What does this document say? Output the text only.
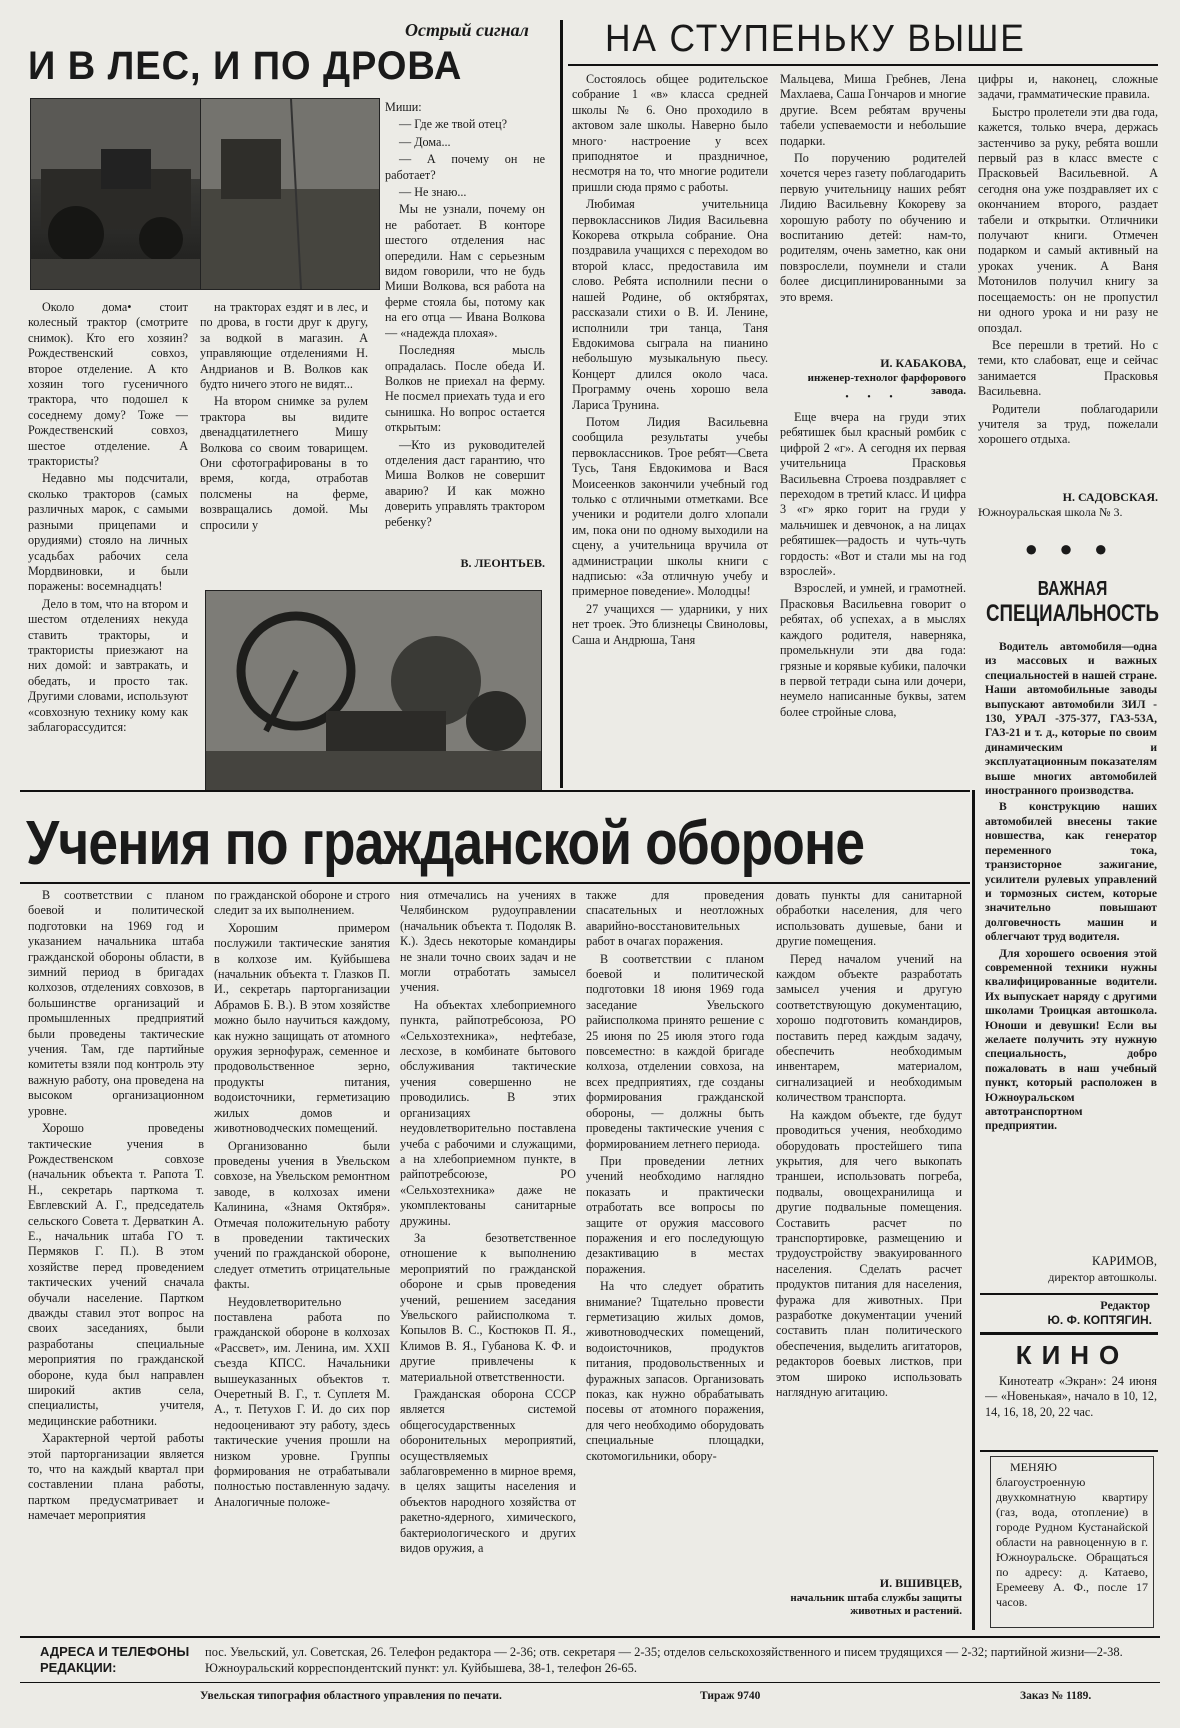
Острый сигнал
И В ЛЕС, И ПО ДРОВА

Около дома• стоит колесный трактор (смотрите снимок). Кто его хозяин? Рождественский совхоз, второе отделение. А кто хозяин того гусеничного трактора, что подошел к соседнему дому? Тоже — Рождественский совхоз, шестое отделение. А трактористы?

Недавно мы подсчитали, сколько тракторов (самых различных марок, с самыми разными прицепами и орудиями) стояло на личных усадьбах рабочих села Мордвиновки, и были поражены: восемнадцать!

Дело в том, что на втором и шестом отделениях некуда ставить тракторы, и трактористы приезжают на них домой: и завтракать, и обедать, и просто так. Другими словами, используют «совхозную технику кому как заблагорассудится:

на тракторах ездят и в лес, и по дрова, в гости друг к другу, за водкой в магазин. А управляющие отделениями Н. Андрианов и В. Волков как будто ничего этого не видят...

На втором снимке за рулем трактора вы видите двенадцатилетнего Мишу Волкова со своим товарищем. Они сфотографированы в то время, когда, отработав полсмены на ферме, возвращались домой. Мы спросили у

Миши:

— Где же твой отец?

— Дома...

— А почему он не работает?

— Не знаю...

Мы не узнали, почему он не работает. В конторе шестого отделения нас опередили. Нам с серьезным видом говорили, что не будь Миши Волкова, вся работа на ферме стояла бы, потому как на его отца — Ивана Волкова — «надежда плохая».

Последняя мысль опрадалась. После обеда И. Волков не приехал на ферму. Не посмел приехать туда и его сынишка. Но вопрос остается открытым:

—Кто из руководителей отделения даст гарантию, что Миша Волков не совершит аварию? И как можно доверить управлять трактором ребенку?

В. ЛЕОНТЬЕВ.
НА СТУПЕНЬКУ ВЫШЕ

Состоялось общее родительское собрание 1 «в» класса средней школы № 6. Оно проходило в актовом зале школы. Наверно было много· настроение у всех приподнятое и праздничное, несмотря на то, что многие родители пришли сюда прямо с работы.

Любимая учительница первоклассников Лидия Васильевна Кокорева открыла собрание. Она поздравила учащихся с переходом во второй класс, предоставила им слово. Ребята исполнили песни о нашей Родине, об октябрятах, рассказали стихи о В. И. Ленине, исполнили три танца, Таня Евдокимова сыграла на пианино небольшую музыкальную пьесу. Концерт длился около часа. Программу очень хорошо вела Лариса Трунина.

Потом Лидия Васильевна сообщила результаты учебы первоклассников. Трое ребят—Света Тусь, Таня Евдокимова и Вася Моисеенков закончили учебный год только с отличными отметками. Все ученики и родители долго хлопали им, пока они по одному выходили на сцену, а учительница вручила от администрации школы книги с надписью: «За отличную учебу и примерное поведение». Молодцы!

27 учащихся — ударники, у них нет троек. Это близнецы Свиноловы, Саша и Андрюша, Таня

Мальцева, Миша Гребнев, Лена Махлаева, Саша Гончаров и многие другие. Всем ребятам вручены табели успеваемости и небольшие подарки.

По поручению родителей хочется через газету поблагодарить первую учительницу наших ребят Лидию Васильевну Кокореву за хорошую работу по обучению и воспитанию детей: нам-то, родителям, очень заметно, как они повзрослели, поумнели и стали более дисциплинированными за это время.

И. КАБАКОВА,
инженер-технолог фарфорового завода.
• • •

Еще вчера на груди этих ребятишек был красный ромбик с цифрой 2 «г». А сегодня их первая учительница Прасковья Васильевна Строева поздравляет с переходом в третий класс. И цифра 3 «г» ярко горит на груди у мальчишек и девчонок, а на лицах ребятишек—радость и чуть-чуть гордость: «Вот и стали мы на год взрослей».

Взрослей, и умней, и грамотней. Прасковья Васильевна говорит о ребятах, об успехах, а в мыслях каждого родителя, наверняка, промелькнули эти два года: грязные и корявые кубики, палочки в первой тетради сына или дочери, неумело написанные буквы, затем более стройные слова,

цифры и, наконец, сложные задачи, грамматические правила.

Быстро пролетели эти два года, кажется, только вчера, держась застенчиво за руку, ребята вошли первый раз в класс вместе с Прасковьей Васильевной. А сегодня она уже поздравляет их с окончанием второго, раздает табели и открытки. Отличники получают книги. Отмечен подарком и самый активный на уроках ученик. А Ваня Мотонилов получил книгу за посещаемость: он не пропустил ни одного урока и ни разу не опоздал.

Все перешли в третий. Но с теми, кто слабоват, еще и сейчас занимается Прасковья Васильевна.

Родители поблагодарили учителя за труд, пожелали хорошего отдыха.

Н. САДОВСКАЯ.
Южноуральская школа № 3.
● ● ●
ВАЖНАЯ
СПЕЦИАЛЬНОСТЬ

Водитель автомобиля—одна из массовых и важных специальностей в нашей стране. Наши автомобильные заводы выпускают автомобили ЗИЛ - 130, УРАЛ -375-377, ГАЗ-53А, ГАЗ-21 и т. д., которые по своим динамическим и эксплуатационным показателям выше многих автомобилей иностранного производства.

В конструкцию наших автомобилей внесены такие новшества, как генератор переменного тока, транзисторное зажигание, усилители рулевых управлений и тормозных систем, которые значительно повышают долговечность машин и облегчают труд водителя.

Для хорошего освоения этой современной техники нужны квалифицированные водители. Их выпускает наряду с другими школами Троицкая автошкола. Юноши и девушки! Если вы желаете получить эту нужную специальность, добро пожаловать в наш учебный пункт, который расположен в Южноуральском автотранспортном предприятии.

КАРИМОВ,
директор автошколы.
Редактор
Ю. Ф. КОПТЯГИН.
КИНО

Кинотеатр «Экран»: 24 июня — «Новенькая», начало в 10, 12, 14, 16, 18, 20, 22 час.

МЕНЯЮ благоустроенную двухкомнатную квартиру (газ, вода, отопление) в городе Рудном Кустанайской области на равноценную в г. Южноуральске. Обращаться по адресу: д. Катаево, Еремееву А. Ф., после 17 часов.

Учения по гражданской обороне

В соответствии с планом боевой и политической подготовки на 1969 год и указанием начальника штаба гражданской обороны области, в зимний период в бригадах колхозов, отделениях совхозов, в большинстве организаций и промышленных предприятий были проведены тактические учения. Там, где партийные комитеты взяли под контроль эту важную работу, она проведена на высоком организационном уровне.

Хорошо проведены тактические учения в Рождественском совхозе (начальник объекта т. Рапота Т. Н., секретарь парткома т. Евглевский А. Г., председатель сельского Совета т. Дерваткин А. Е., начальник штаба ГО т. Пермяков Г. П.). В этом хозяйстве перед проведением тактических учений сначала обучали население. Партком дважды ставил этот вопрос на своих заседаниях, были разработаны специальные мероприятия по гражданской обороне, куда был направлен широкий актив села, специалисты, учителя, медицинские работники.

Характерной чертой работы этой парторганизации является то, что на каждый квартал при составлении плана работы, партком предусматривает и намечает мероприятия

по гражданской обороне и строго следит за их выполнением.

Хорошим примером послужили тактические занятия в колхозе им. Куйбышева (начальник объекта т. Глазков П. И., секретарь парторганизации Абрамов Б. В.). В этом хозяйстве можно было научиться каждому, как нужно защищать от атомного оружия зернофураж, семенное и продовольственное зерно, продукты питания, водоисточники, герметизацию жилых домов и животноводческих помещений.

Организованно были проведены учения в Увельском совхозе, на Увельском ремонтном заводе, в колхозах имени Калинина, «Знамя Октября». Отмечая положительную работу в проведении тактических учений по гражданской обороне, следует отметить отрицательные факты.

Неудовлетворительно поставлена работа по гражданской обороне в колхозах «Рассвет», им. Ленина, им. XXII съезда КПСС. Начальники вышеуказанных объектов т. Очеретный В. Г., т. Суплетя М. А., т. Петухов Г. И. до сих пор недооценивают эту работу, здесь тактические учения прошли на низком уровне. Группы формирования не отрабатывали полностью поставленную задачу. Аналогичные положе-

ния отмечались на учениях в Челябинском рудоуправлении (начальник объекта т. Подоляк В. К.). Здесь некоторые командиры не знали точно своих задач и не могли отработать замысел учения.

На объектах хлебоприемного пункта, райпотребсоюза, РО «Сельхозтехника», нефтебазе, лесхозе, в комбинате бытового обслуживания тактические учения совершенно не проводились. В этих организациях неудовлетворительно поставлена учеба с рабочими и служащими, а на хлебоприемном пункте, в райпотребсоюзе, РО «Сельхозтехника» даже не укомплектованы санитарные дружины.

За безответственное отношение к выполнению мероприятий по гражданской обороне и срыв проведения учений, решением заседания Увельского райисполкома т. Копылов В. С., Костюков П. Я., Климов В. Я., Губанова К. Ф. и другие привлечены к материальной ответственности.

Гражданская оборона СССР является системой общегосударственных оборонительных мероприятий, осуществляемых заблаговременно в мирное время, в целях защиты населения и объектов народного хозяйства от ракетно-ядерного, химического, бактериологического и других видов оружия, а

также для проведения спасательных и неотложных аварийно-восстановительных работ в очагах поражения.

В соответствии с планом боевой и политической подготовки 18 июня 1969 года заседание Увельского райисполкома принято решение с 25 июня по 25 июля этого года повсеместно: в каждой бригаде колхоза, отделении совхоза, на всех предприятиях, где созданы формирования гражданской обороны, — должны быть проведены тактические учения с формированием летнего периода.

При проведении летних учений необходимо наглядно показать и практически отработать все вопросы по защите от оружия массового поражения и его последующую дезактивацию в местах поражения.

На что следует обратить внимание? Тщательно провести герметизацию жилых домов, животноводческих помещений, водоисточников, продуктов питания, продовольственных и фуражных запасов. Организовать показ, как нужно обрабатывать посевы от атомного поражения, для чего необходимо оборудовать специальные площадки, скотомогильники, обору-

довать пункты для санитарной обработки населения, для чего использовать душевые, бани и другие помещения.

Перед началом учений на каждом объекте разработать замысел учения и другую соответствующую документацию, хорошо подготовить командиров, поставить перед каждым задачу, обеспечить необходимым инвентарем, материалом, сигнализацией и необходимым количеством транспорта.

На каждом объекте, где будут проводиться учения, необходимо оборудовать простейшего типа укрытия, для чего выкопать траншеи, использовать погреба, подвалы, овощехранилища и другие подвальные помещения. Составить расчет по транспортировке, размещению и трудоустройству эвакуированного населения. Сделать расчет продуктов питания для населения, фуража для животных. При разработке документации учений составить план политического обеспечения, выделить агитаторов, редакторов боевых листков, при этом широко использовать наглядную агитацию.

И. ВШИВЦЕВ,
начальник штаба службы защиты животных и растений.
АДРЕСА И ТЕЛЕФОНЫ РЕДАКЦИИ:
пос. Увельский, ул. Советская, 26. Телефон редактора — 2-36; отв. секретаря — 2-35; отделов сельскохозяйственного и писем трудящихся — 2-32; партийной жизни—2-38. Южноуральский корреспондентский пункт: ул. Куйбышева, 38-1, телефон 26-65.
Увельская типография областного управления по печати.	Тираж 9740	Заказ № 1189.
